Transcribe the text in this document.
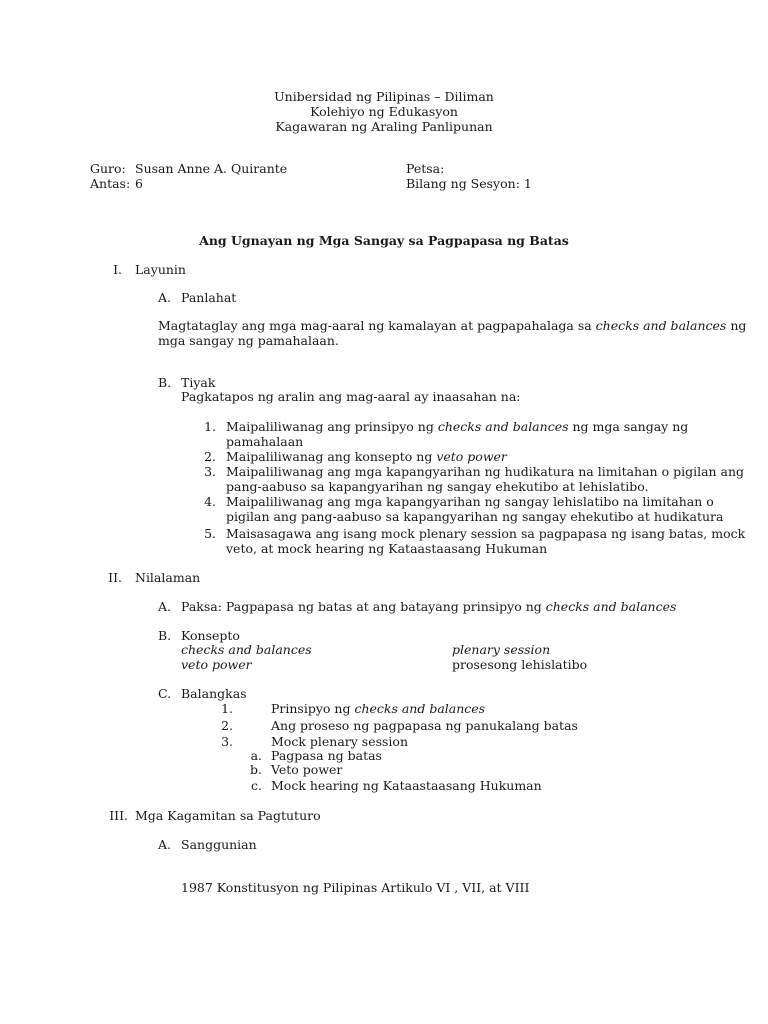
Unibersidad ng Pilipinas – Diliman
Kolehiyo ng Edukasyon
Kagawaran ng Araling Panlipunan
Guro: Susan Anne A. Quirante
Antas: 6
Petsa:
Bilang ng Sesyon: 1
Ang Ugnayan ng Mga Sangay sa Pagpapasa ng Batas
I. Layunin
A. Panlahat
Magtataglay ang mga mag-aaral ng kamalayan at pagpapahalaga sa checks and balances ng
mga sangay ng pamahalaan.
B. Tiyak
Pagkatapos ng aralin ang mag-aaral ay inaasahan na:
1. Maipaliliwanag ang prinsipyo ng checks and balances ng mga sangay ng
pamahalaan
2. Maipaliliwanag ang konsepto ng veto power
3. Maipaliliwanag ang mga kapangyarihan ng hudikatura na limitahan o pigilan ang
pang-aabuso sa kapangyarihan ng sangay ehekutibo at lehislatibo.
4. Maipaliliwanag ang mga kapangyarihan ng sangay lehislatibo na limitahan o
pigilan ang pang-aabuso sa kapangyarihan ng sangay ehekutibo at hudikatura
5. Maisasagawa ang isang mock plenary session sa pagpapasa ng isang batas, mock
veto, at mock hearing ng Kataastaasang Hukuman
II. Nilalaman
A. Paksa: Pagpapasa ng batas at ang batayang prinsipyo ng checks and balances
B. Konsepto
checks and balances	plenary session
veto power	prosesong lehislatibo
C. Balangkas
1.	Prinsipyo ng checks and balances
2.	Ang proseso ng pagpapasa ng panukalang batas
3.	Mock plenary session
a. Pagpasa ng batas
b. Veto power
c. Mock hearing ng Kataastaasang Hukuman
III. Mga Kagamitan sa Pagtuturo
A. Sanggunian
1987 Konstitusyon ng Pilipinas Artikulo VI , VII, at VIII
